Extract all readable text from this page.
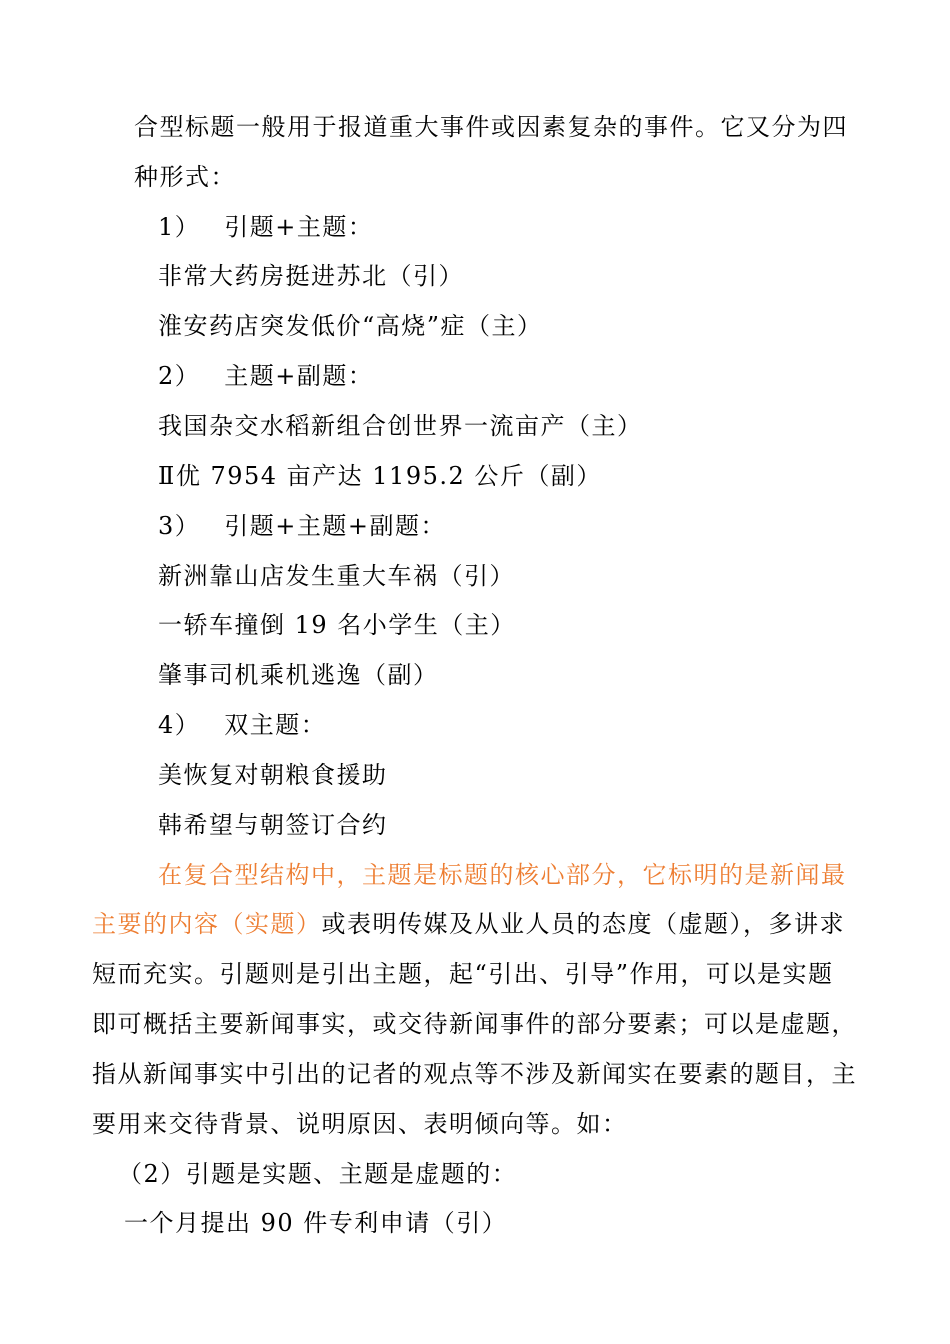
合型标题一般用于报道重大事件或因素复杂的事件。它又分为四
种形式：
1） 引题+主题：
非常大药房挺进苏北（引）
淮安药店突发低价“高烧”症（主）
2） 主题+副题：
我国杂交水稻新组合创世界一流亩产（主）
Ⅱ优 7954 亩产达 1195.2 公斤（副）
3） 引题+主题+副题：
新洲靠山店发生重大车祸（引）
一轿车撞倒 19 名小学生（主）
肇事司机乘机逃逸（副）
4） 双主题：
美恢复对朝粮食援助
韩希望与朝签订合约
在复合型结构中，主题是标题的核心部分，它标明的是新闻最
主要的内容（实题）或表明传媒及从业人员的态度（虚题），多讲求
短而充实。引题则是引出主题，起“引出、引导”作用，可以是实题
即可概括主要新闻事实，或交待新闻事件的部分要素；可以是虚题，
指从新闻事实中引出的记者的观点等不涉及新闻实在要素的题目，主
要用来交待背景、说明原因、表明倾向等。如：
（2）引题是实题、主题是虚题的：
一个月提出 90 件专利申请（引）
